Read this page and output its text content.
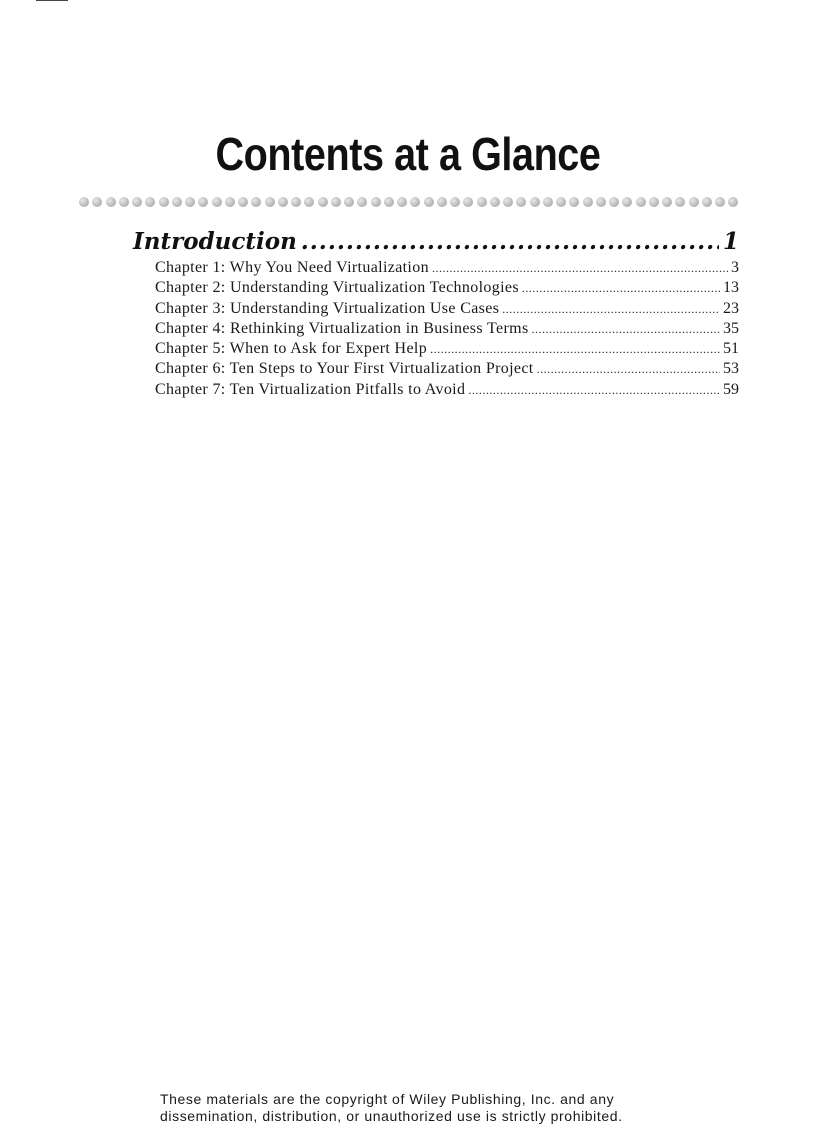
Contents at a Glance
Introduction .....	1
Chapter 1: Why You Need Virtualization .....	3
Chapter 2: Understanding Virtualization Technologies .....	13
Chapter 3: Understanding Virtualization Use Cases .....	23
Chapter 4: Rethinking Virtualization in Business Terms .....	35
Chapter 5: When to Ask for Expert Help .....	51
Chapter 6: Ten Steps to Your First Virtualization Project .....	53
Chapter 7: Ten Virtualization Pitfalls to Avoid .....	59

These materials are the copyright of Wiley Publishing, Inc. and any
dissemination, distribution, or unauthorized use is strictly prohibited.
